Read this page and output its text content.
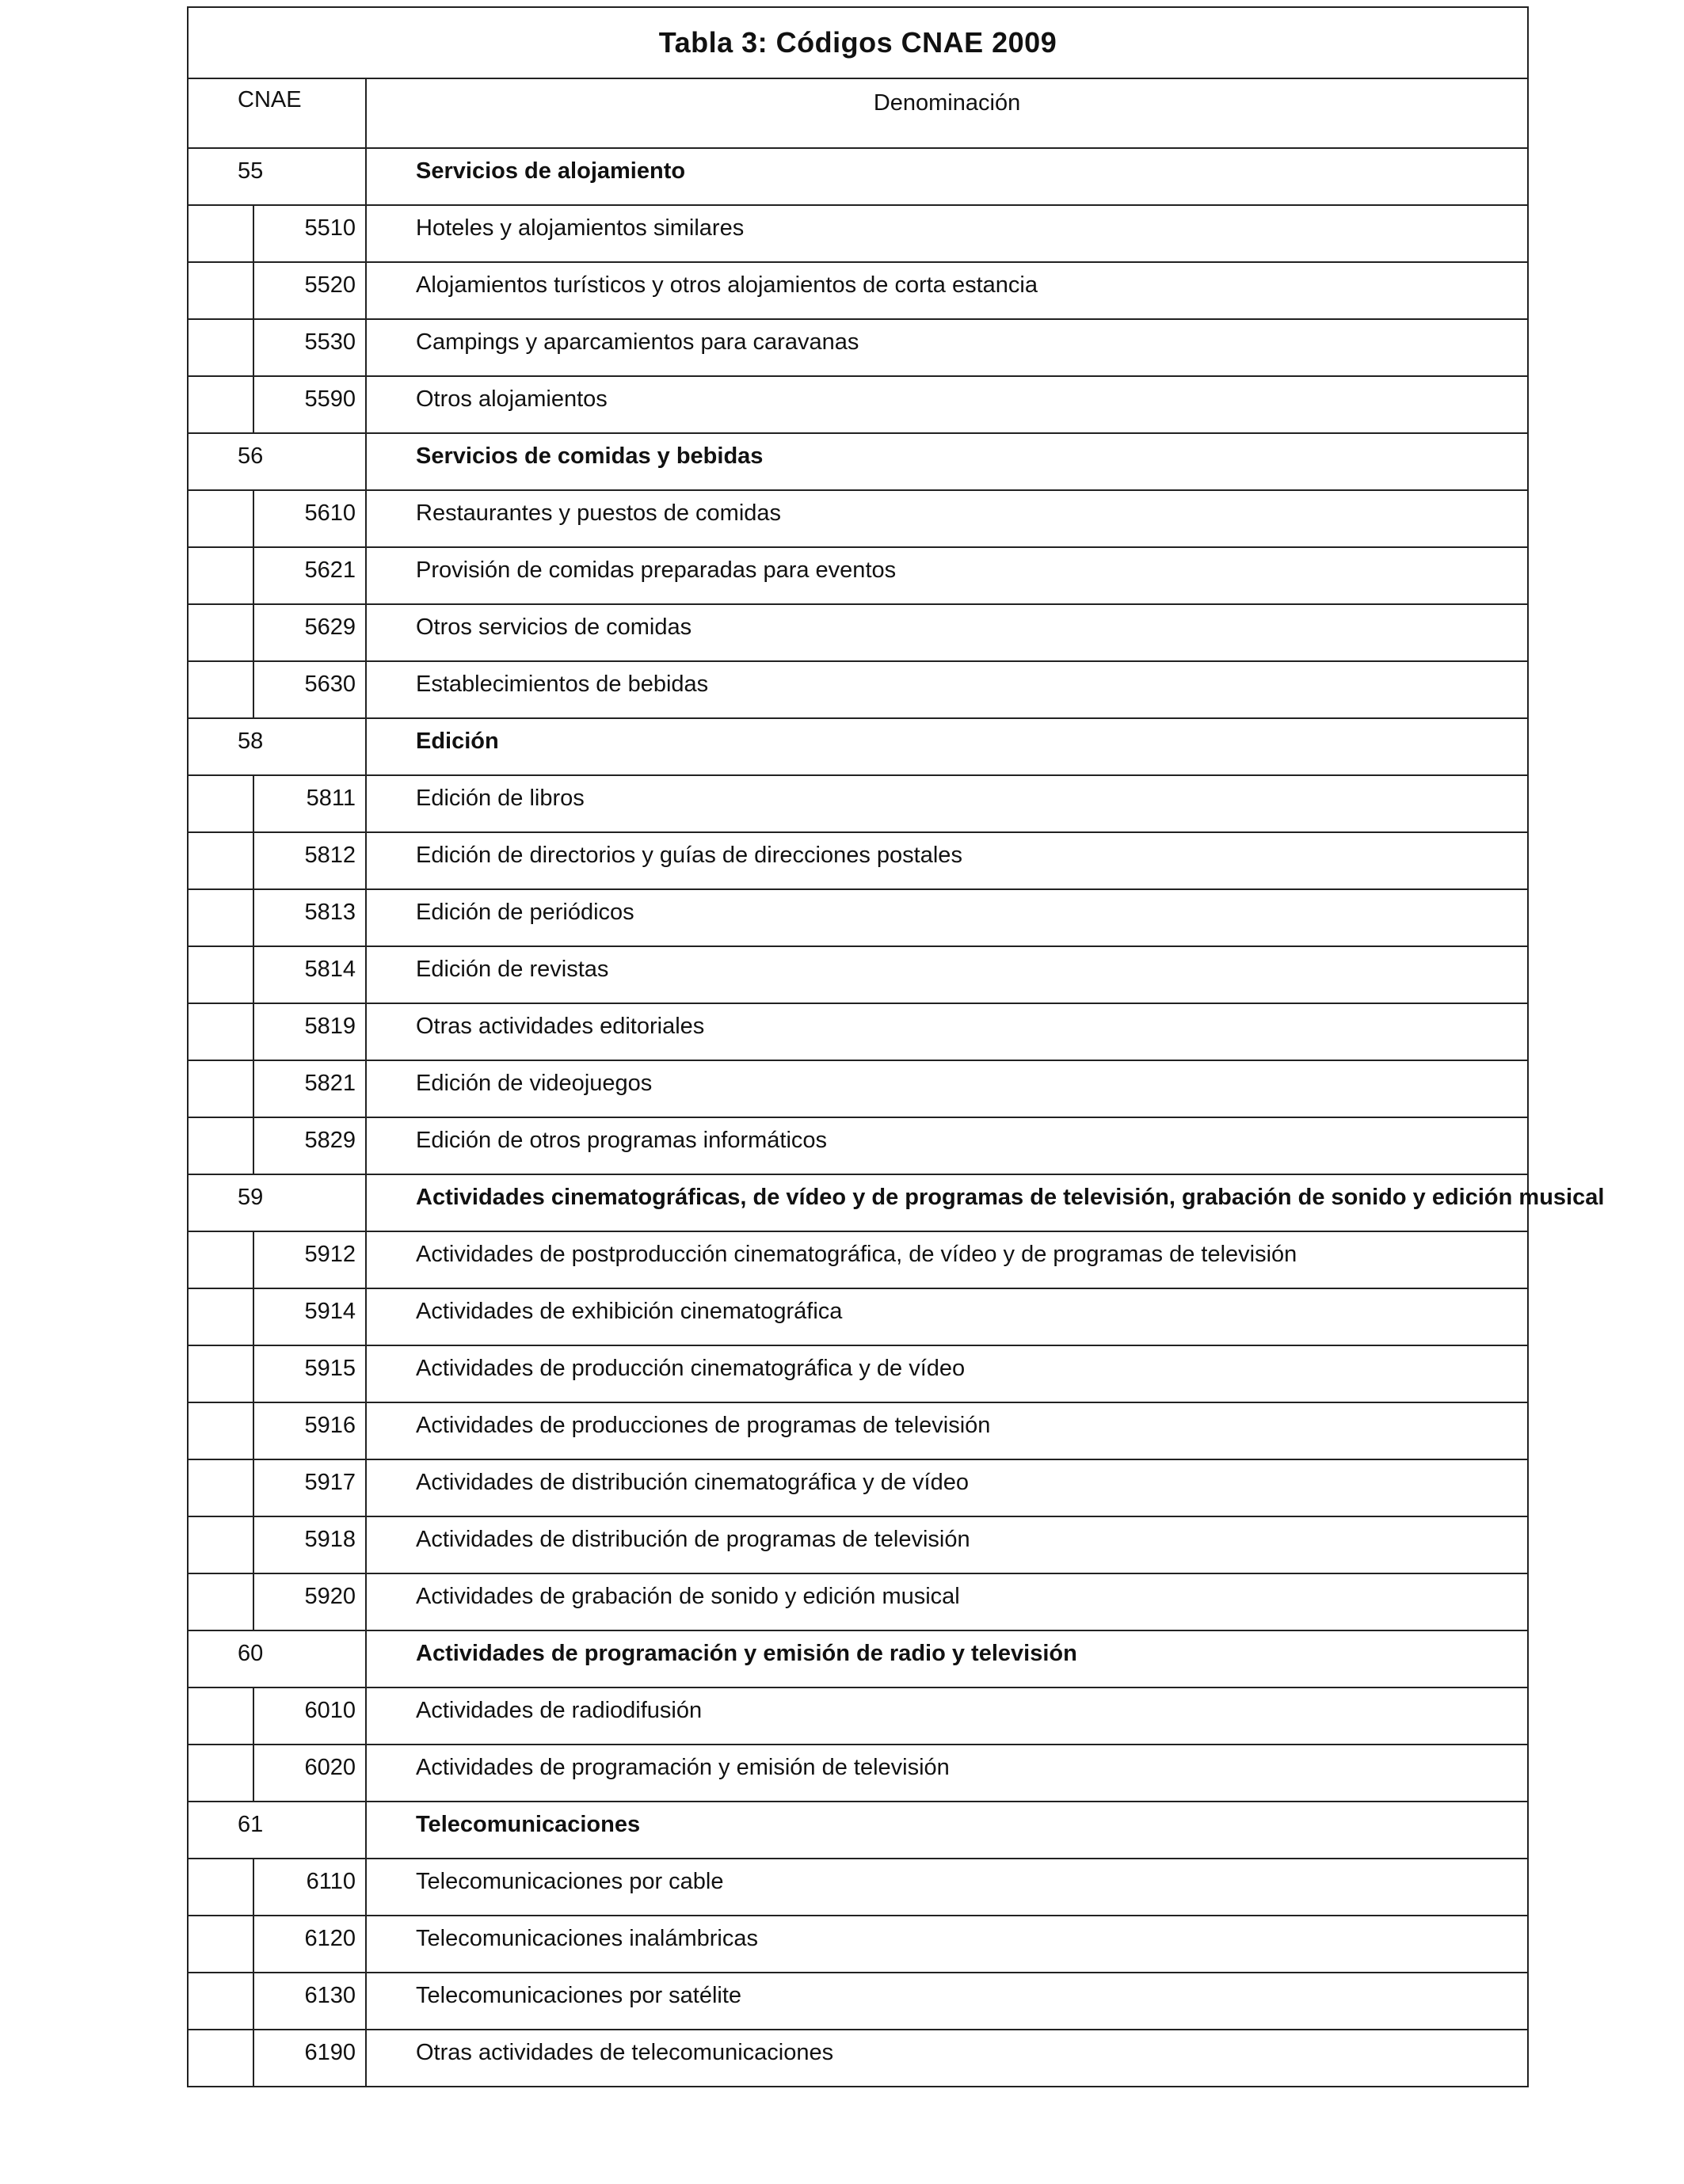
Tabla 3: Códigos CNAE 2009		
CNAE		Denominación
55		Servicios de alojamiento
	5510	Hoteles y alojamientos similares
	5520	Alojamientos turísticos y otros alojamientos de corta estancia
	5530	Campings y aparcamientos para caravanas
	5590	Otros alojamientos
56		Servicios de comidas y bebidas
	5610	Restaurantes y puestos de comidas
	5621	Provisión de comidas preparadas para eventos
	5629	Otros servicios de comidas
	5630	Establecimientos de bebidas
58		Edición
	5811	Edición de libros
	5812	Edición de directorios y guías de direcciones postales
	5813	Edición de periódicos
	5814	Edición de revistas
	5819	Otras actividades editoriales
	5821	Edición de videojuegos
	5829	Edición de otros programas informáticos
59		Actividades cinematográficas, de vídeo y de programas de televisión, grabación de sonido y edición musical
	5912	Actividades de postproducción cinematográfica, de vídeo y de programas de televisión
	5914	Actividades de exhibición cinematográfica
	5915	Actividades de producción cinematográfica y de vídeo
	5916	Actividades de producciones de programas de televisión
	5917	Actividades de distribución cinematográfica y de vídeo
	5918	Actividades de distribución de programas de televisión
	5920	Actividades de grabación de sonido y edición musical
60		Actividades de programación y emisión de radio y televisión
	6010	Actividades de radiodifusión
	6020	Actividades de programación y emisión de televisión
61		Telecomunicaciones
	6110	Telecomunicaciones por cable
	6120	Telecomunicaciones inalámbricas
	6130	Telecomunicaciones por satélite
	6190	Otras actividades de telecomunicaciones
